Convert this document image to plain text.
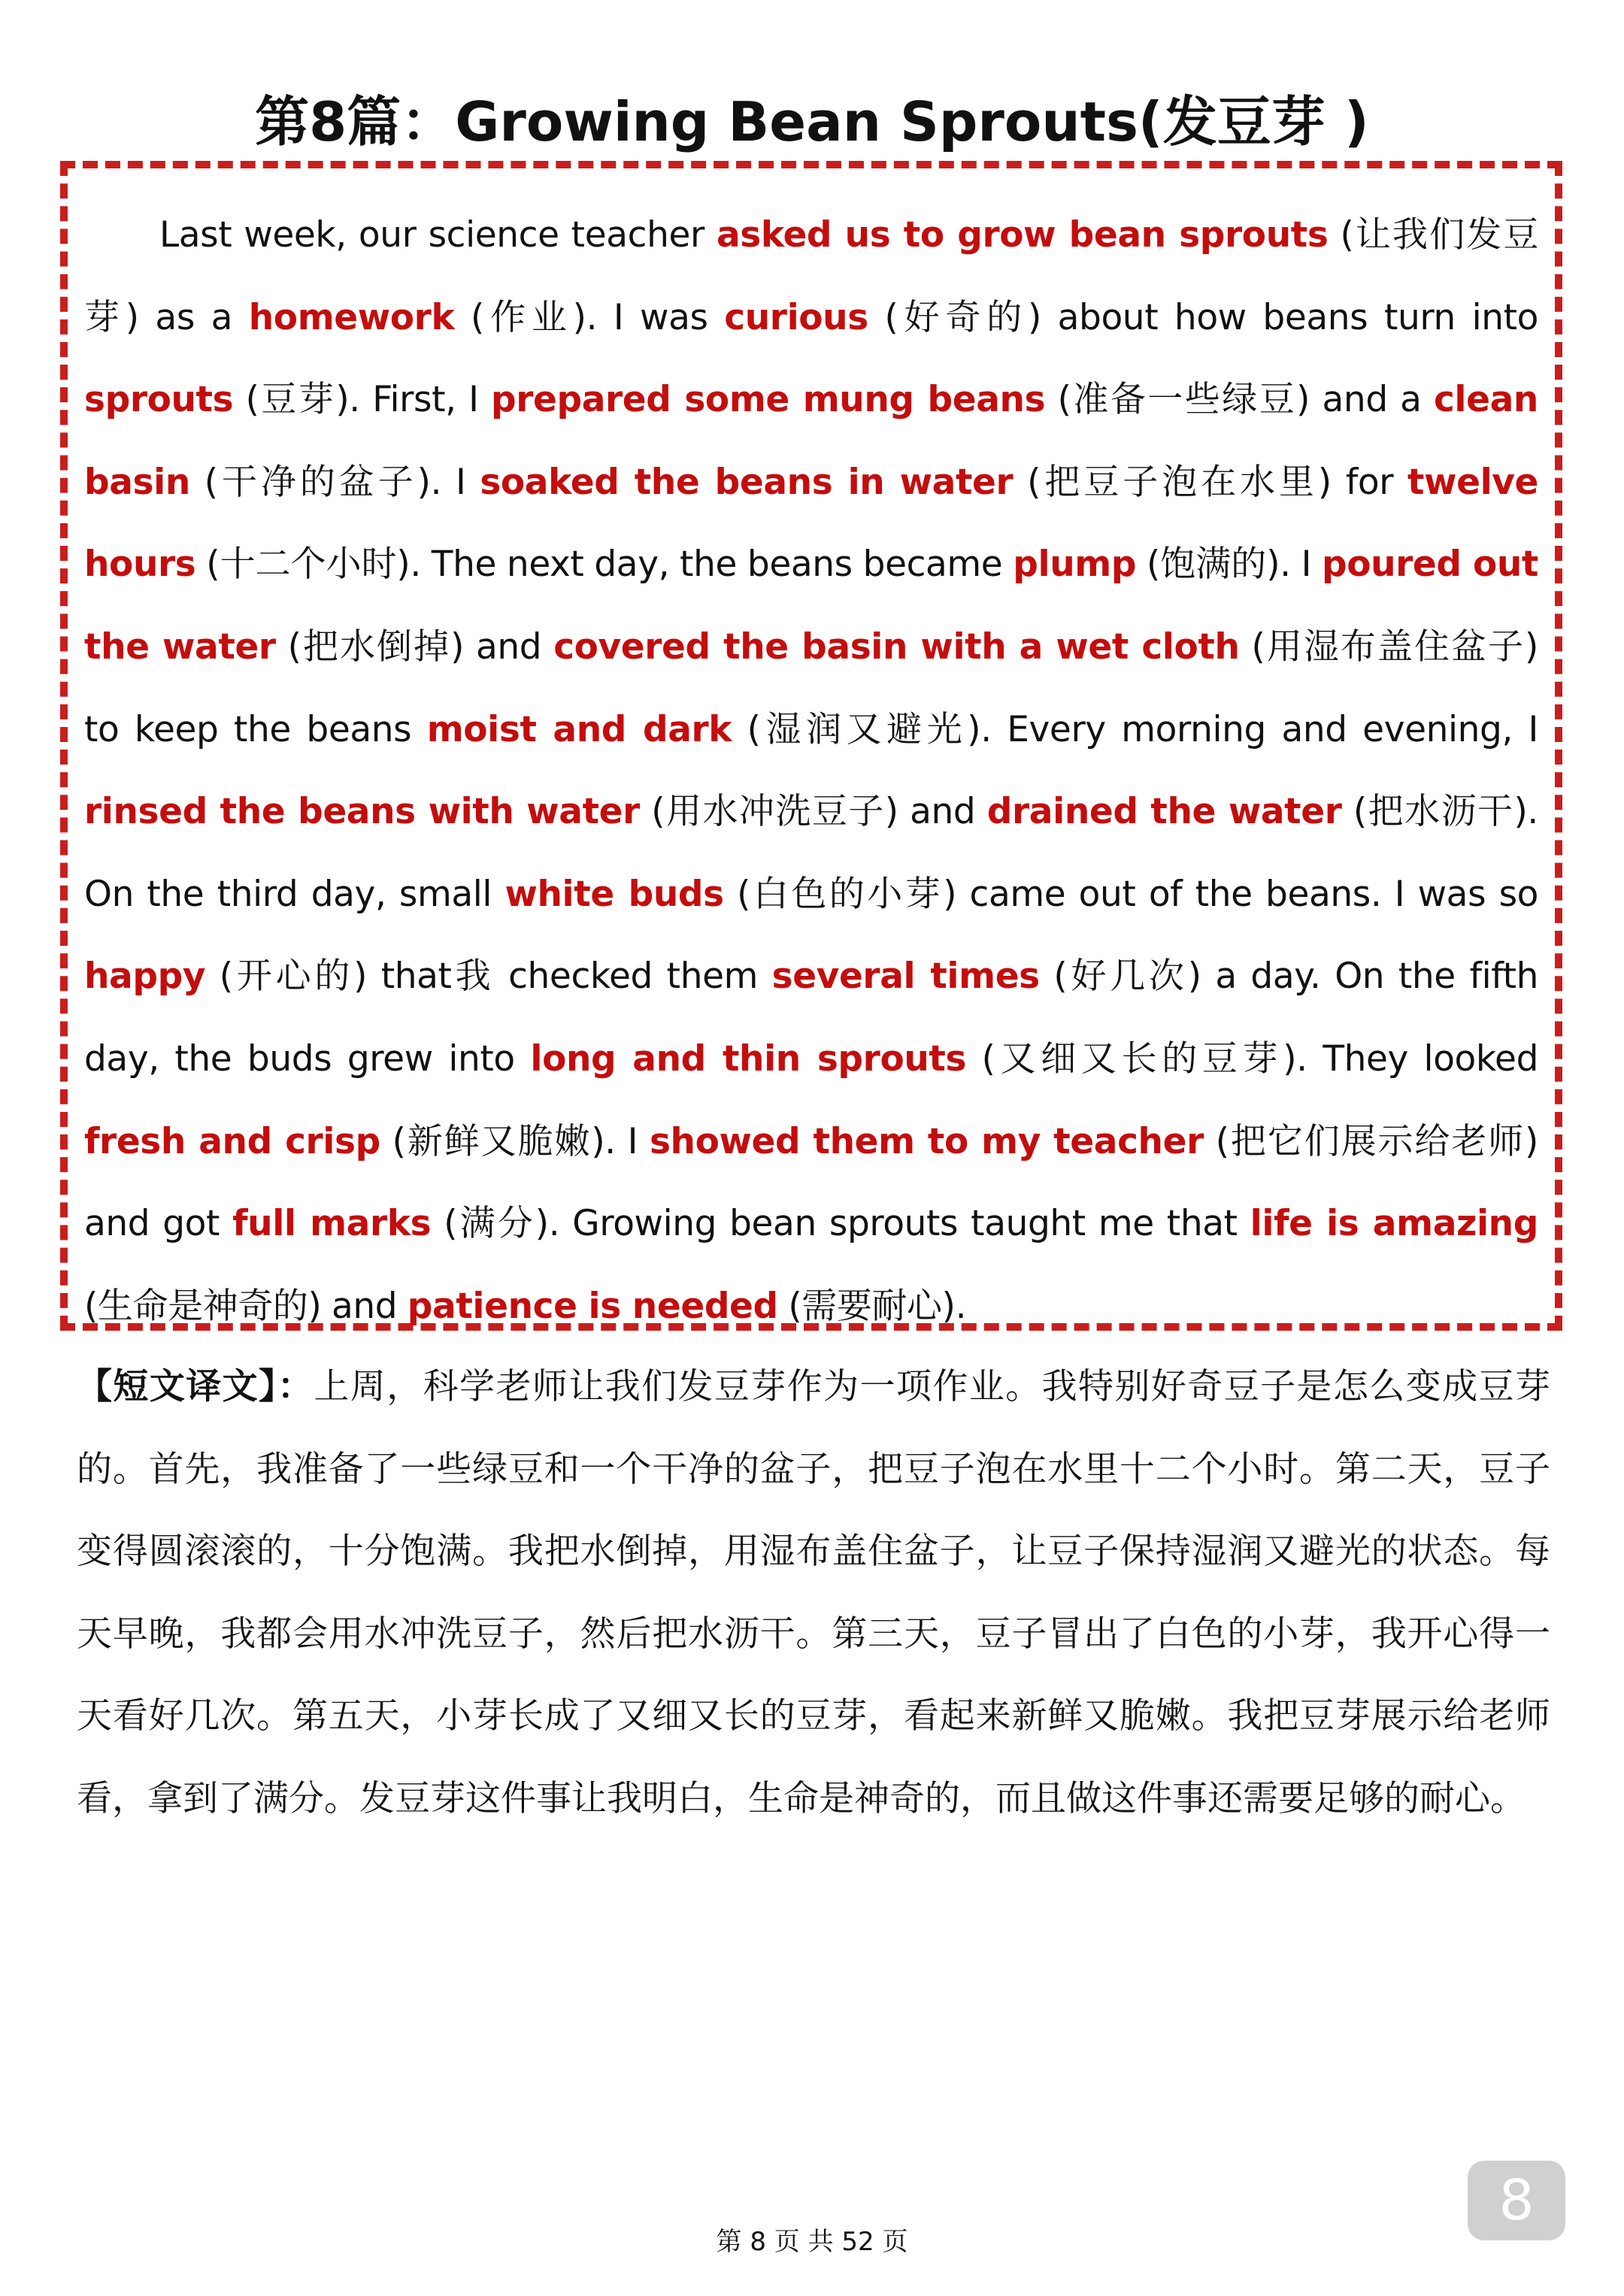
第8篇：Growing Bean Sprouts(发豆芽 )

Last week, our science teacher asked us to grow bean sprouts (让我们发豆芽) as a homework (作业). I was curious (好奇的) about how beans turn into sprouts (豆芽). First, I prepared some mung beans (准备一些绿豆) and a clean basin (干净的盆子). I soaked the beans in water (把豆子泡在水里) for twelve hours (十二个小时). The next day, the beans became plump (饱满的). I poured out the water (把水倒掉) and covered the basin with a wet cloth (用湿布盖住盆子) to keep the beans moist and dark (湿润又避光). Every morning and evening, I rinsed the beans with water (用水冲洗豆子) and drained the water (把水沥干). On the third day, small white buds (白色的小芽) came out of the beans. I was so happy (开心的) that我 checked them several times (好几次) a day. On the fifth day, the buds grew into long and thin sprouts (又细又长的豆芽). They looked fresh and crisp (新鲜又脆嫩). I showed them to my teacher (把它们展示给老师) and got full marks (满分). Growing bean sprouts taught me that life is amazing (生命是神奇的) and patience is needed (需要耐心).

【短文译文】：上周，科学老师让我们发豆芽作为一项作业。我特别好奇豆子是怎么变成豆芽的。首先，我准备了一些绿豆和一个干净的盆子，把豆子泡在水里十二个小时。第二天，豆子变得圆滚滚的，十分饱满。我把水倒掉，用湿布盖住盆子，让豆子保持湿润又避光的状态。每天早晚，我都会用水冲洗豆子，然后把水沥干。第三天，豆子冒出了白色的小芽，我开心得一天看好几次。第五天，小芽长成了又细又长的豆芽，看起来新鲜又脆嫩。我把豆芽展示给老师看，拿到了满分。发豆芽这件事让我明白，生命是神奇的，而且做这件事还需要足够的耐心。

8
第 8 页 共 52 页
